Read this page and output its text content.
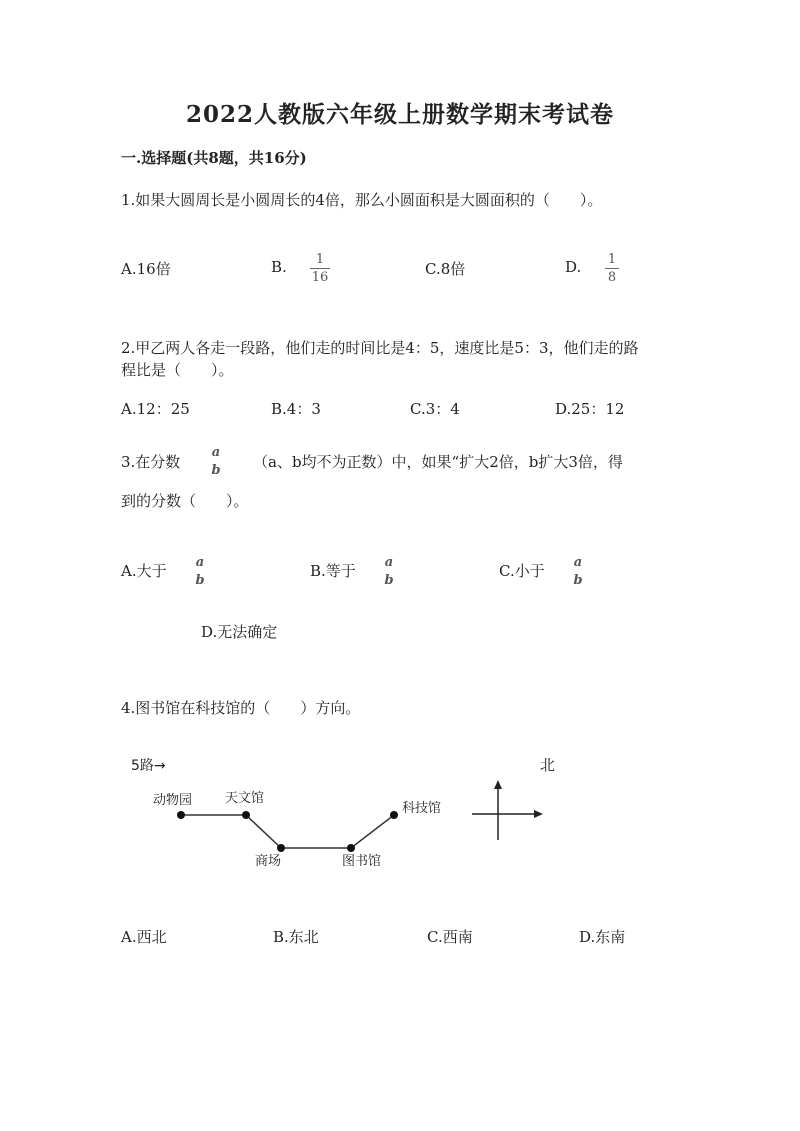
2022人教版六年级上册数学期末考试卷
一.选择题(共8题，共16分)
1.如果大圆周长是小圆周长的4倍，那么小圆面积是大圆面积的（　　）。
A.16倍	B.	1
16	C.8倍	D. 1
8
2.甲乙两人各走一段路，他们走的时间比是4：5，速度比是5：3，他们走的路
程比是（　　）。
A.12：25	B.4：3	C.3：4	D.25：12
3.在分数
a
b （a、b均不为正数）中，如果“扩大2倍，b扩大3倍，得
到的分数（　　）。
A.大于 a
b
B.等于 a
b
C.小于 a
b
D.无法确定
4.图书馆在科技馆的（　　）方向。
5路→	北
动物园	天文馆
商场	图书馆
科技馆
A.西北	B.东北	C.西南	D.东南
